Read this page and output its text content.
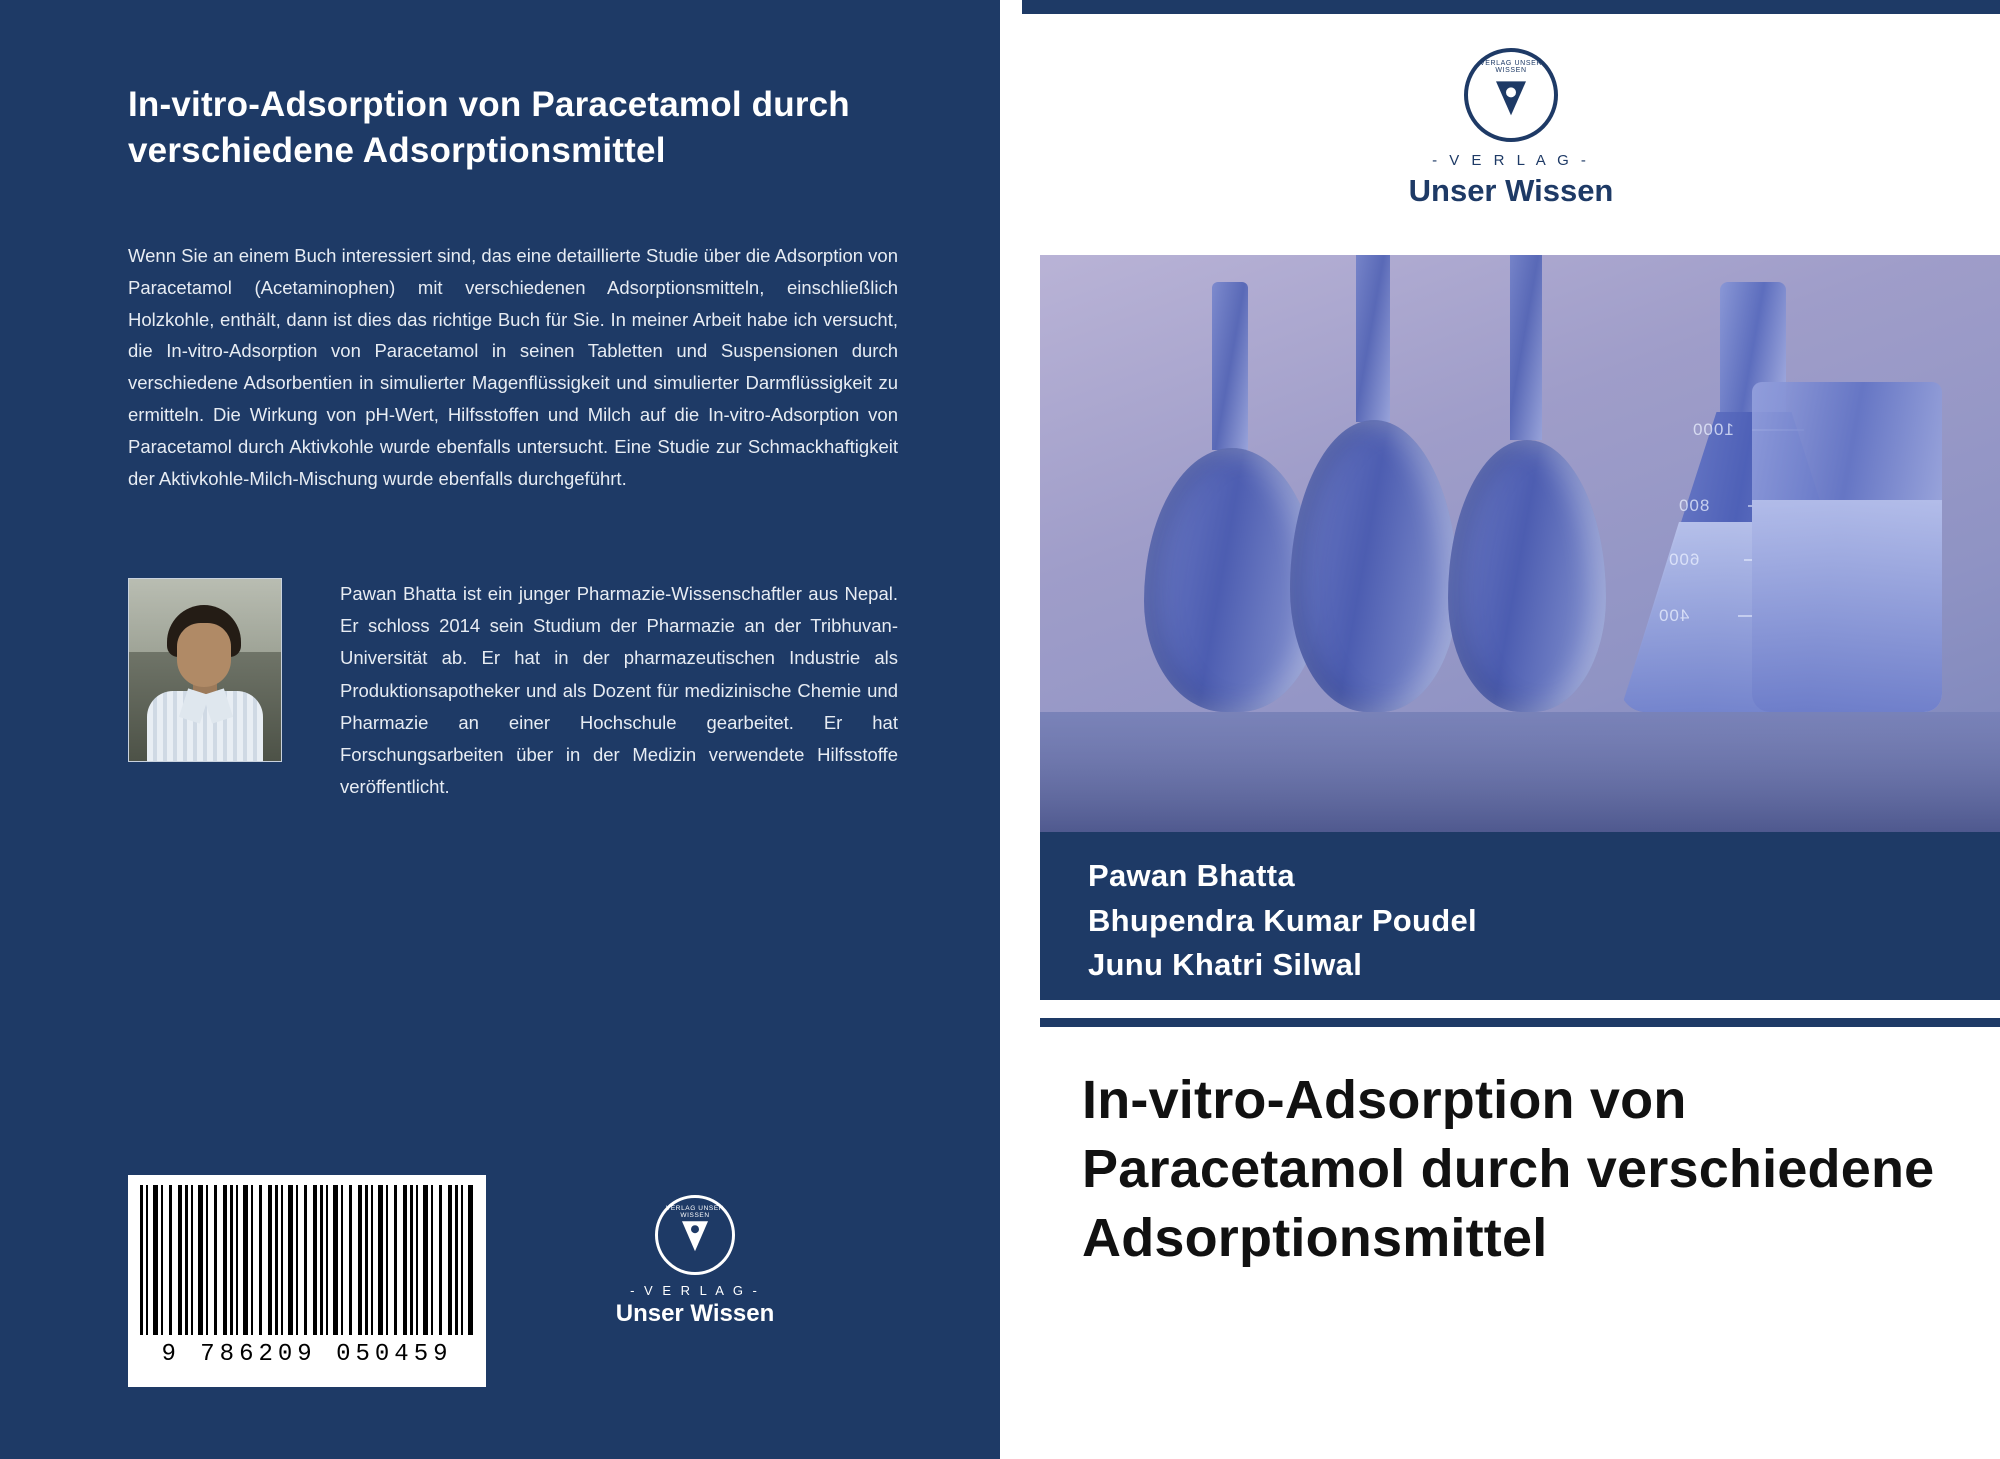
In-vitro-Adsorption von Paracetamol durch verschiedene Adsorptionsmittel
Wenn Sie an einem Buch interessiert sind, das eine detaillierte Studie über die Adsorption von Paracetamol (Acetaminophen) mit verschiedenen Adsorptionsmitteln, einschließlich Holzkohle, enthält, dann ist dies das richtige Buch für Sie. In meiner Arbeit habe ich versucht, die In-vitro-Adsorption von Paracetamol in seinen Tabletten und Suspensionen durch verschiedene Adsorbentien in simulierter Magenflüssigkeit und simulierter Darmflüssigkeit zu ermitteln. Die Wirkung von pH-Wert, Hilfsstoffen und Milch auf die In-vitro-Adsorption von Paracetamol durch Aktivkohle wurde ebenfalls untersucht. Eine Studie zur Schmackhaftigkeit der Aktivkohle-Milch-Mischung wurde ebenfalls durchgeführt.
Pawan Bhatta ist ein junger Pharmazie-Wissenschaftler aus Nepal. Er schloss 2014 sein Studium der Pharmazie an der Tribhuvan-Universität ab. Er hat in der pharmazeutischen Industrie als Produktionsapotheker und als Dozent für medizinische Chemie und Pharmazie an einer Hochschule gearbeitet. Er hat Forschungsarbeiten über in der Medizin verwendete Hilfsstoffe veröffentlicht.
9 786209 050459
VERLAG UNSER WISSEN
- V E R L A G -
Unser Wissen
VERLAG UNSER WISSEN
- V E R L A G -
Unser Wissen
1000
800
600
400
Pawan Bhatta
Bhupendra Kumar Poudel
Junu Khatri Silwal
In-vitro-Adsorption von Paracetamol durch verschiedene Adsorptionsmittel
